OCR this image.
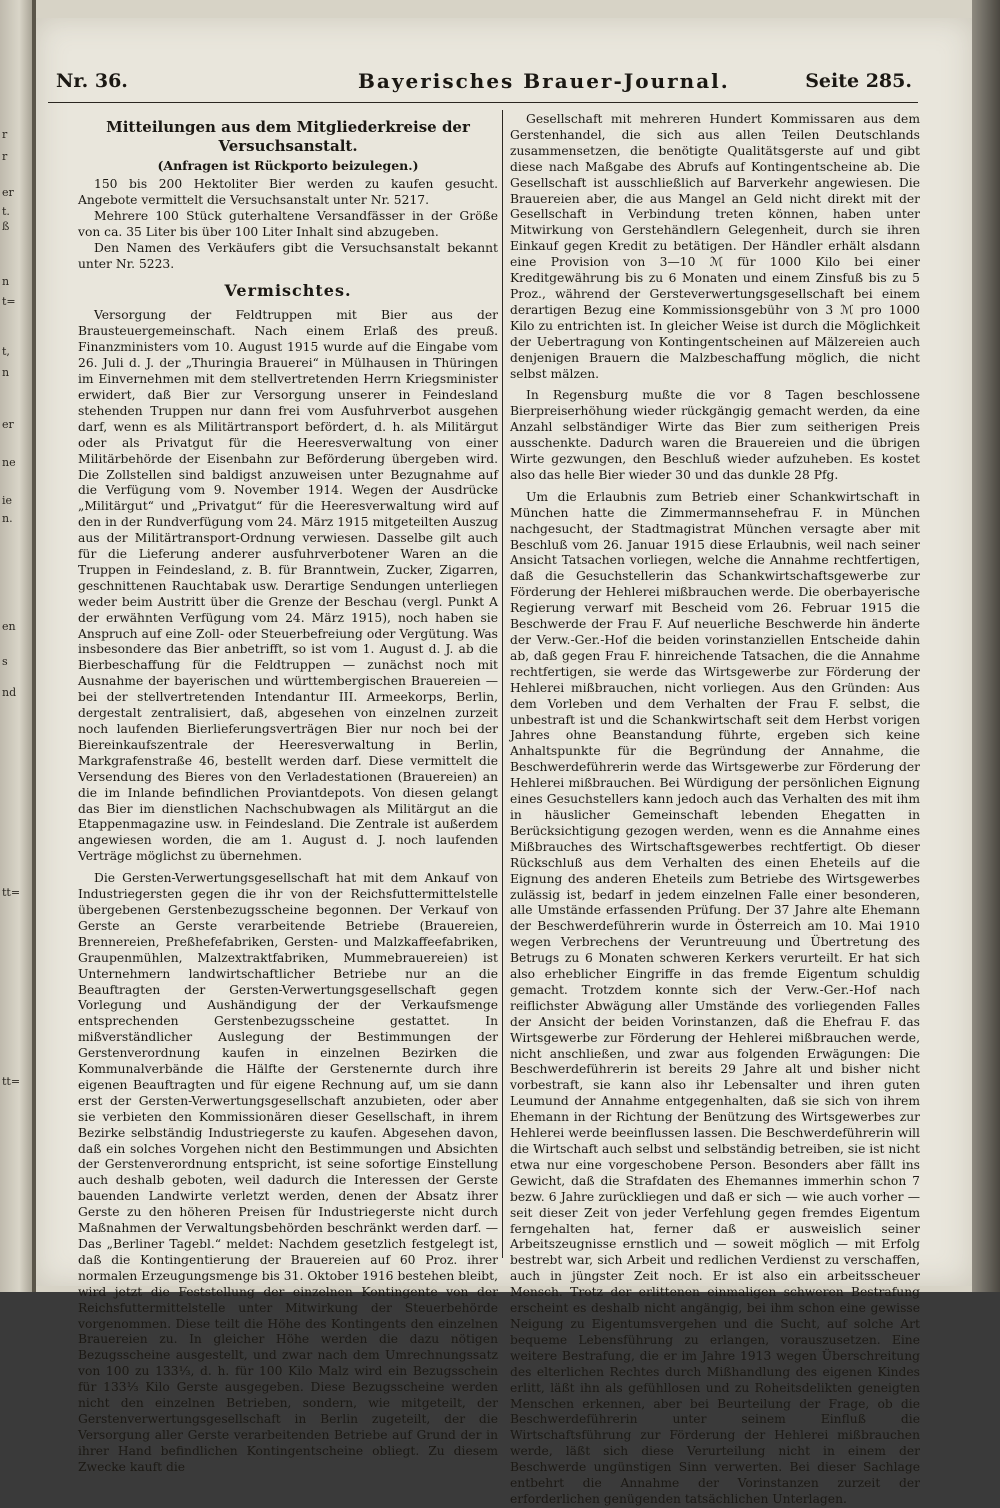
r
r
er
t.
ß
n
t=
t,
n
er
ne
ie
n.
en
s
nd
tt=
tt=
Nr. 36.	Bayerisches Brauer-Journal.	Seite 285.
Mitteilungen aus dem Mitgliederkreise der Versuchsanstalt.
(Anfragen ist Rückporto beizulegen.)

150 bis 200 Hektoliter Bier werden zu kaufen gesucht. Angebote vermittelt die Versuchsanstalt unter Nr. 5217.

Mehrere 100 Stück guterhaltene Versandfässer in der Größe von ca. 35 Liter bis über 100 Liter Inhalt sind abzugeben.

Den Namen des Verkäufers gibt die Versuchsanstalt bekannt unter Nr. 5223.

Vermischtes.

Versorgung der Feldtruppen mit Bier aus der Brausteuergemeinschaft. Nach einem Erlaß des preuß. Finanzministers vom 10. August 1915 wurde auf die Eingabe vom 26. Juli d. J. der „Thuringia Brauerei“ in Mülhausen in Thüringen im Einvernehmen mit dem stellvertretenden Herrn Kriegsminister erwidert, daß Bier zur Versorgung unserer in Feindesland stehenden Truppen nur dann frei vom Ausfuhrverbot ausgehen darf, wenn es als Militärtransport befördert, d. h. als Militärgut oder als Privatgut für die Heeresverwaltung von einer Militärbehörde der Eisenbahn zur Beförderung übergeben wird. Die Zollstellen sind baldigst anzuweisen unter Bezugnahme auf die Verfügung vom 9. November 1914. Wegen der Ausdrücke „Militärgut“ und „Privatgut“ für die Heeresverwaltung wird auf den in der Rundverfügung vom 24. März 1915 mitgeteilten Auszug aus der Militärtransport-Ordnung verwiesen. Dasselbe gilt auch für die Lieferung anderer ausfuhrverbotener Waren an die Truppen in Feindesland, z. B. für Branntwein, Zucker, Zigarren, geschnittenen Rauchtabak usw. Derartige Sendungen unterliegen weder beim Austritt über die Grenze der Beschau (vergl. Punkt A der erwähnten Verfügung vom 24. März 1915), noch haben sie Anspruch auf eine Zoll- oder Steuerbefreiung oder Vergütung. Was insbesondere das Bier anbetrifft, so ist vom 1. August d. J. ab die Bierbeschaffung für die Feldtruppen — zunächst noch mit Ausnahme der bayerischen und württembergischen Brauereien — bei der stellvertretenden Intendantur III. Armeekorps, Berlin, dergestalt zentralisiert, daß, abgesehen von einzelnen zurzeit noch laufenden Bierlieferungsverträgen Bier nur noch bei der Biereinkaufszentrale der Heeresverwaltung in Berlin, Markgrafenstraße 46, bestellt werden darf. Diese vermittelt die Versendung des Bieres von den Verladestationen (Brauereien) an die im Inlande befindlichen Proviantdepots. Von diesen gelangt das Bier im dienstlichen Nachschubwagen als Militärgut an die Etappenmagazine usw. in Feindesland. Die Zentrale ist außerdem angewiesen worden, die am 1. August d. J. noch laufenden Verträge möglichst zu übernehmen.

Die Gersten-Verwertungsgesellschaft hat mit dem Ankauf von Industriegersten gegen die ihr von der Reichsfuttermittelstelle übergebenen Gerstenbezugsscheine begonnen. Der Verkauf von Gerste an Gerste verarbeitende Betriebe (Brauereien, Brennereien, Preßhefefabriken, Gersten- und Malzkaffeefabriken, Graupenmühlen, Malzextraktfabriken, Mummebrauereien) ist Unternehmern landwirtschaftlicher Betriebe nur an die Beauftragten der Gersten-Verwertungsgesellschaft gegen Vorlegung und Aushändigung der der Verkaufsmenge entsprechenden Gerstenbezugsscheine gestattet. In mißverständlicher Auslegung der Bestimmungen der Gerstenverordnung kaufen in einzelnen Bezirken die Kommunalverbände die Hälfte der Gerstenernte durch ihre eigenen Beauftragten und für eigene Rechnung auf, um sie dann erst der Gersten-Verwertungsgesellschaft anzubieten, oder aber sie verbieten den Kommissionären dieser Gesellschaft, in ihrem Bezirke selbständig Industriegerste zu kaufen. Abgesehen davon, daß ein solches Vorgehen nicht den Bestimmungen und Absichten der Gerstenverordnung entspricht, ist seine sofortige Einstellung auch deshalb geboten, weil dadurch die Interessen der Gerste bauenden Landwirte verletzt werden, denen der Absatz ihrer Gerste zu den höheren Preisen für Industriegerste nicht durch Maßnahmen der Verwaltungsbehörden beschränkt werden darf. — Das „Berliner Tagebl.“ meldet: Nachdem gesetzlich festgelegt ist, daß die Kontingentierung der Brauereien auf 60 Proz. ihrer normalen Erzeugungsmenge bis 31. Oktober 1916 bestehen bleibt, wird jetzt die Feststellung der einzelnen Kontingente von der Reichsfuttermittelstelle unter Mitwirkung der Steuerbehörde vorgenommen. Diese teilt die Höhe des Kontingents den einzelnen Brauereien zu. In gleicher Höhe werden die dazu nötigen Bezugsscheine ausgestellt, und zwar nach dem Umrechnungssatz von 100 zu 133⅓, d. h. für 100 Kilo Malz wird ein Bezugsschein für 133⅓ Kilo Gerste ausgegeben. Diese Bezugsscheine werden nicht den einzelnen Betrieben, sondern, wie mitgeteilt, der Gerstenverwertungsgesellschaft in Berlin zugeteilt, der die Versorgung aller Gerste verarbeitenden Betriebe auf Grund der in ihrer Hand befindlichen Kontingentscheine obliegt. Zu diesem Zwecke kauft die

Gesellschaft mit mehreren Hundert Kommissaren aus dem Gerstenhandel, die sich aus allen Teilen Deutschlands zusammensetzen, die benötigte Qualitätsgerste auf und gibt diese nach Maßgabe des Abrufs auf Kontingentscheine ab. Die Gesellschaft ist ausschließlich auf Barverkehr angewiesen. Die Brauereien aber, die aus Mangel an Geld nicht direkt mit der Gesellschaft in Verbindung treten können, haben unter Mitwirkung von Gerstehändlern Gelegenheit, durch sie ihren Einkauf gegen Kredit zu betätigen. Der Händler erhält alsdann eine Provision von 3—10 ℳ für 1000 Kilo bei einer Kreditgewährung bis zu 6 Monaten und einem Zinsfuß bis zu 5 Proz., während der Gersteverwertungsgesellschaft bei einem derartigen Bezug eine Kommissionsgebühr von 3 ℳ pro 1000 Kilo zu entrichten ist. In gleicher Weise ist durch die Möglichkeit der Uebertragung von Kontingentscheinen auf Mälzereien auch denjenigen Brauern die Malzbeschaffung möglich, die nicht selbst mälzen.

In Regensburg mußte die vor 8 Tagen beschlossene Bierpreiserhöhung wieder rückgängig gemacht werden, da eine Anzahl selbständiger Wirte das Bier zum seitherigen Preis ausschenkte. Dadurch waren die Brauereien und die übrigen Wirte gezwungen, den Beschluß wieder aufzuheben. Es kostet also das helle Bier wieder 30 und das dunkle 28 Pfg.

Um die Erlaubnis zum Betrieb einer Schankwirtschaft in München hatte die Zimmermannsehefrau F. in München nachgesucht, der Stadtmagistrat München versagte aber mit Beschluß vom 26. Januar 1915 diese Erlaubnis, weil nach seiner Ansicht Tatsachen vorliegen, welche die Annahme rechtfertigen, daß die Gesuchstellerin das Schankwirtschaftsgewerbe zur Förderung der Hehlerei mißbrauchen werde. Die oberbayerische Regierung verwarf mit Bescheid vom 26. Februar 1915 die Beschwerde der Frau F. Auf neuerliche Beschwerde hin änderte der Verw.-Ger.-Hof die beiden vorinstanziellen Entscheide dahin ab, daß gegen Frau F. hinreichende Tatsachen, die die Annahme rechtfertigen, sie werde das Wirtsgewerbe zur Förderung der Hehlerei mißbrauchen, nicht vorliegen. Aus den Gründen: Aus dem Vorleben und dem Verhalten der Frau F. selbst, die unbestraft ist und die Schankwirtschaft seit dem Herbst vorigen Jahres ohne Beanstandung führte, ergeben sich keine Anhaltspunkte für die Begründung der Annahme, die Beschwerdeführerin werde das Wirtsgewerbe zur Förderung der Hehlerei mißbrauchen. Bei Würdigung der persönlichen Eignung eines Gesuchstellers kann jedoch auch das Verhalten des mit ihm in häuslicher Gemeinschaft lebenden Ehegatten in Berücksichtigung gezogen werden, wenn es die Annahme eines Mißbrauches des Wirtschaftsgewerbes rechtfertigt. Ob dieser Rückschluß aus dem Verhalten des einen Eheteils auf die Eignung des anderen Eheteils zum Betriebe des Wirtsgewerbes zulässig ist, bedarf in jedem einzelnen Falle einer besonderen, alle Umstände erfassenden Prüfung. Der 37 Jahre alte Ehemann der Beschwerdeführerin wurde in Österreich am 10. Mai 1910 wegen Verbrechens der Veruntreuung und Übertretung des Betrugs zu 6 Monaten schweren Kerkers verurteilt. Er hat sich also erheblicher Eingriffe in das fremde Eigentum schuldig gemacht. Trotzdem konnte sich der Verw.-Ger.-Hof nach reiflichster Abwägung aller Umstände des vorliegenden Falles der Ansicht der beiden Vorinstanzen, daß die Ehefrau F. das Wirtsgewerbe zur Förderung der Hehlerei mißbrauchen werde, nicht anschließen, und zwar aus folgenden Erwägungen: Die Beschwerdeführerin ist bereits 29 Jahre alt und bisher nicht vorbestraft, sie kann also ihr Lebensalter und ihren guten Leumund der Annahme entgegenhalten, daß sie sich von ihrem Ehemann in der Richtung der Benützung des Wirtsgewerbes zur Hehlerei werde beeinflussen lassen. Die Beschwerdeführerin will die Wirtschaft auch selbst und selbständig betreiben, sie ist nicht etwa nur eine vorgeschobene Person. Besonders aber fällt ins Gewicht, daß die Strafdaten des Ehemannes immerhin schon 7 bezw. 6 Jahre zurückliegen und daß er sich — wie auch vorher — seit dieser Zeit von jeder Verfehlung gegen fremdes Eigentum ferngehalten hat, ferner daß er ausweislich seiner Arbeitszeugnisse ernstlich und — soweit möglich — mit Erfolg bestrebt war, sich Arbeit und redlichen Verdienst zu verschaffen, auch in jüngster Zeit noch. Er ist also ein arbeitsscheuer Mensch. Trotz der erlittenen einmaligen schweren Bestrafung erscheint es deshalb nicht angängig, bei ihm schon eine gewisse Neigung zu Eigentumsvergehen und die Sucht, auf solche Art bequeme Lebensführung zu erlangen, vorauszusetzen. Eine weitere Bestrafung, die er im Jahre 1913 wegen Überschreitung des elterlichen Rechtes durch Mißhandlung des eigenen Kindes erlitt, läßt ihn als gefühllosen und zu Roheitsdelikten geneigten Menschen erkennen, aber bei Beurteilung der Frage, ob die Beschwerdeführerin unter seinem Einfluß die Wirtschaftsführung zur Förderung der Hehlerei mißbrauchen werde, läßt sich diese Verurteilung nicht in einem der Beschwerde ungünstigen Sinn verwerten. Bei dieser Sachlage entbehrt die Annahme der Vorinstanzen zurzeit der erforderlichen genügenden tatsächlichen Unterlagen.
